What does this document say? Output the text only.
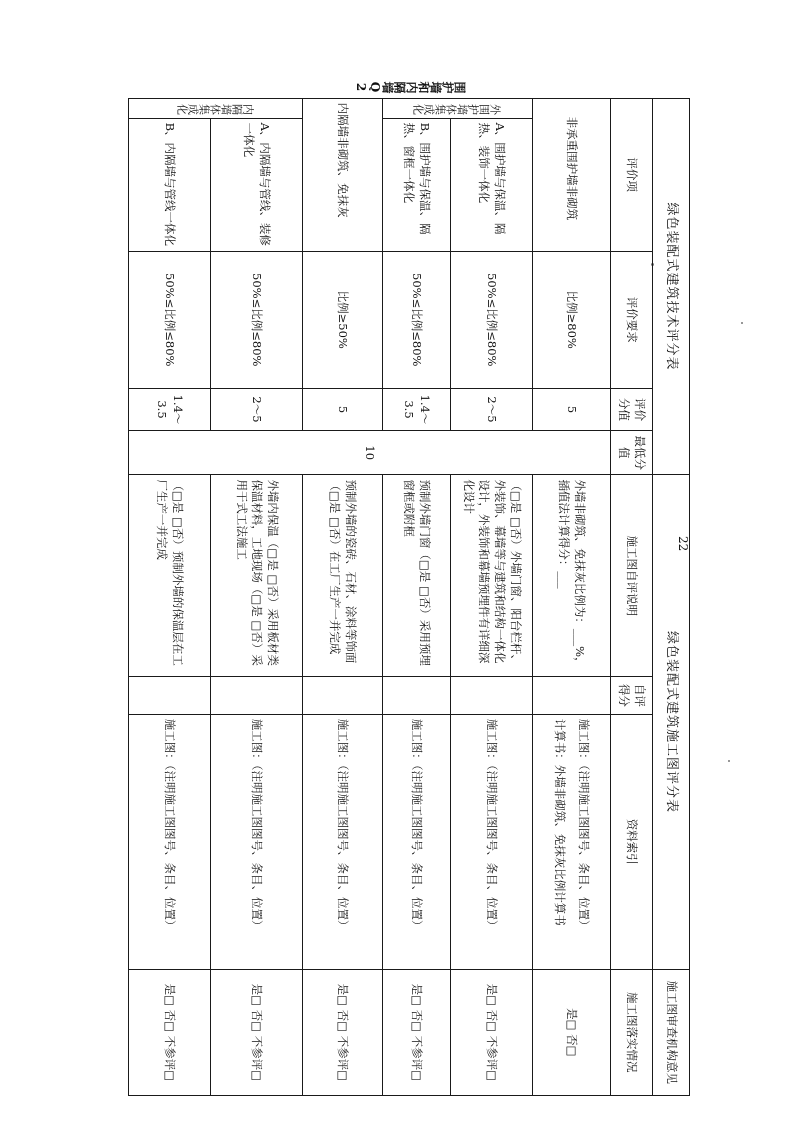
22
	绿色装配式建筑技术评分表					绿色装配式建筑施工图评分表			施工图审查机构意见
	评价项		评价要求	评价分值	最低分值	施工图自评说明	自评得分	资料索引	施工图落实情况
	非承重围护墙非砌筑		比例≥80%	5	10	外墙非砌筑、免抹灰比例为：___%，插值法计算得分：___		施工图：（注明施工图图号、条目、位置）
计算书：外墙非砌筑、免抹灰比例计算书	是□ 否□
	外围护墙体集成化	A、围护墙与保温、隔热、装饰一体化	50%≤比例≤80%	2～5		（□是 □否）外墙门窗、阳台栏杆、外装饰、幕墙等与建筑和结构一体化设计，外装饰和幕墙预埋件有详细深化设计		施工图：（注明施工图图号、条目、位置）	是□ 否□ 不参评□
		B、围护墙与保温、隔热、窗框一体化	50%≤比例≤80%	1.4～3.5		预制外墙门窗（□是 □否）采用预埋窗框或附框		施工图：（注明施工图图号、条目、位置）	是□ 否□ 不参评□
	内隔墙非砌筑、免抹灰		比例≥50%	5		预制外墙的瓷砖、石材、涂料等饰面（□是 □否）在工厂生产一并完成		施工图：（注明施工图图号、条目、位置）	是□ 否□ 不参评□
	内隔墙体集成化	A、内隔墙与管线、装修一体化	50%≤比例≤80%	2～5		外墙内保温（□是 □否）采用板材类保温材料，工地现场（□是 □否）采用干式工法施工		施工图：（注明施工图图号、条目、位置）	是□ 否□ 不参评□
		B、内隔墙与管线一体化	50%≤比例≤80%	1.4～3.5		（□是 □否）预制外墙的保温层在工厂生产一并完成		施工图：（注明施工图图号、条目、位置）	是□ 否□ 不参评□
围护墙和内隔墙Q2
